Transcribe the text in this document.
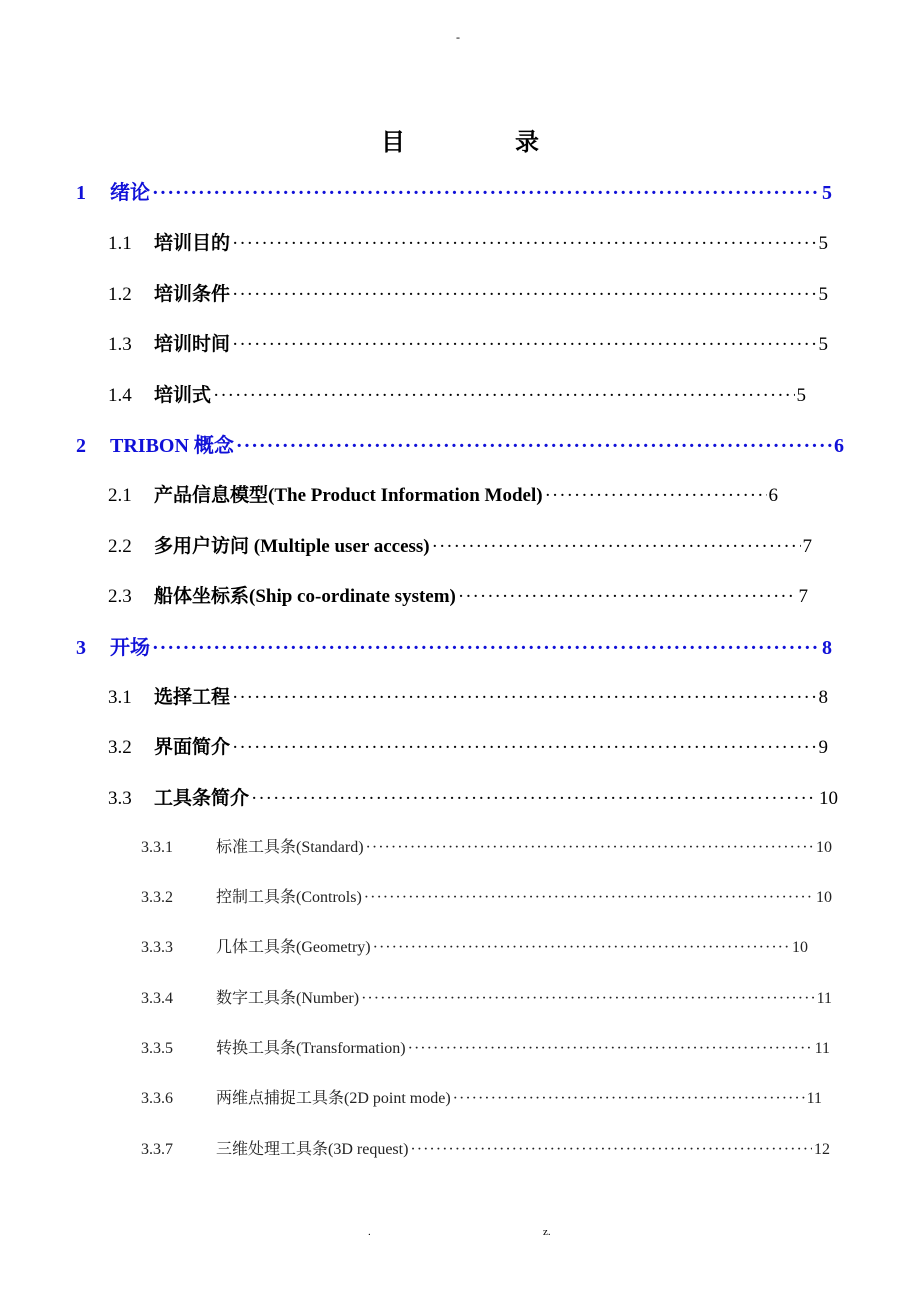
-
目	录
1	绪论 ·····	5
1.1	培训目的 ·····	5
1.2	培训条件 ·····	5
1.3	培训时间 ·····	5
1.4	培训式 ·····	5
2	TRIBON 概念 ·····	6
2.1	产品信息模型(The Product Information Model) ·····	6
2.2	多用户访问 (Multiple user access) ·····	7
2.3	船体坐标系(Ship co-ordinate system) ·····	7
3	开场 ·····	8
3.1	选择工程 ·····	8
3.2	界面简介 ·····	9
3.3	工具条简介 ·····	10
3.3.1	标准工具条(Standard) ·····	10
3.3.2	控制工具条(Controls) ·····	10
3.3.3	几体工具条(Geometry) ·····	10
3.3.4	数字工具条(Number) ·····	11
3.3.5	转换工具条(Transformation) ·····	11
3.3.6	两维点捕捉工具条(2D point mode) ·····	11
3.3.7	三维处理工具条(3D request) ·····	12
.	z.
